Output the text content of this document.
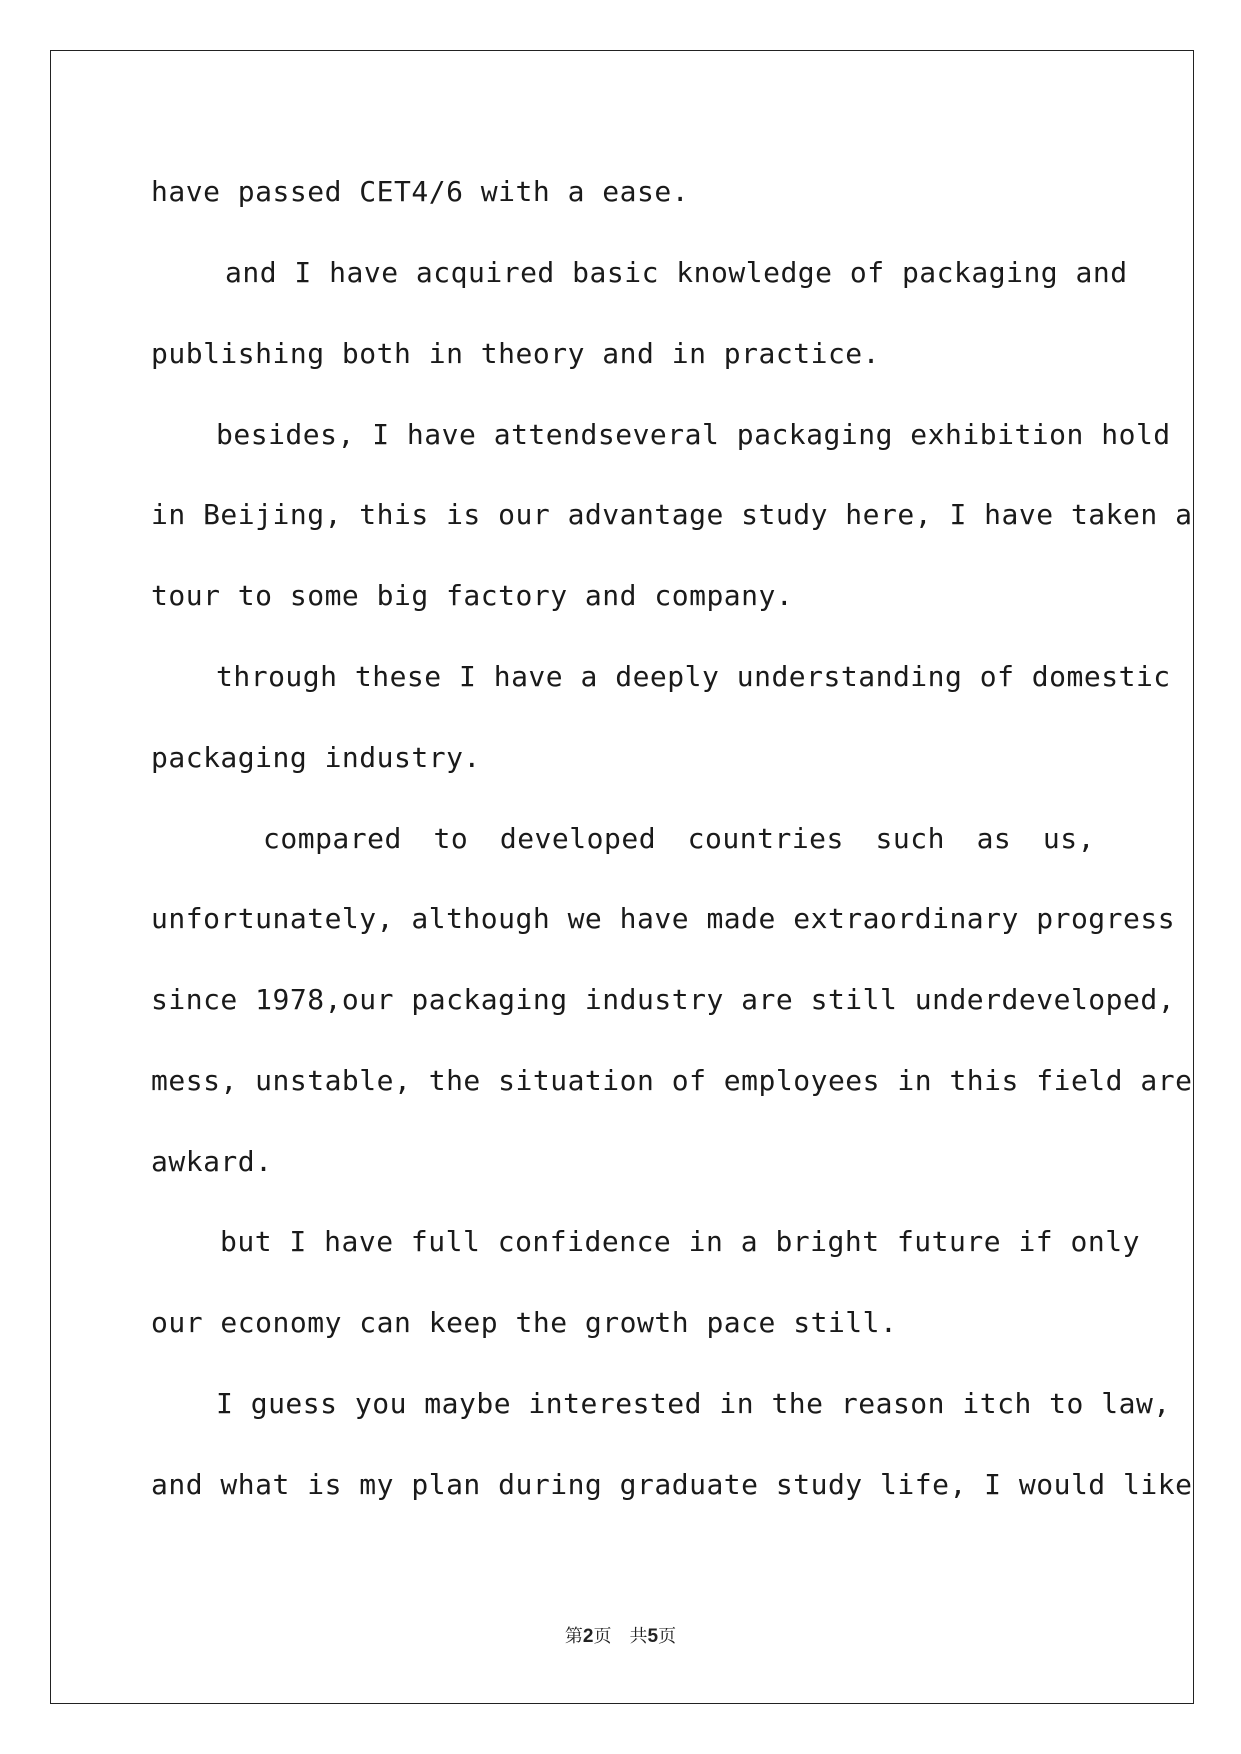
have passed CET4/6 with a ease.

and I have acquired basic knowledge of packaging and

publishing both in theory and in practice.

besides, I have attendseveral packaging exhibition hold

in Beijing, this is our advantage study here, I have taken a

tour to some big factory and company.

through these I have a deeply understanding of domestic

packaging industry.

compared to developed countries such as us,

unfortunately, although we have made extraordinary progress

since 1978,our packaging industry are still underdeveloped,

mess, unstable, the situation of employees in this field are

awkard.

but I have full confidence in a bright future if only

our economy can keep the growth pace still.

I guess you maybe interested in the reason itch to law,

and what is my plan during graduate study life, I would like

第2页 共5页
